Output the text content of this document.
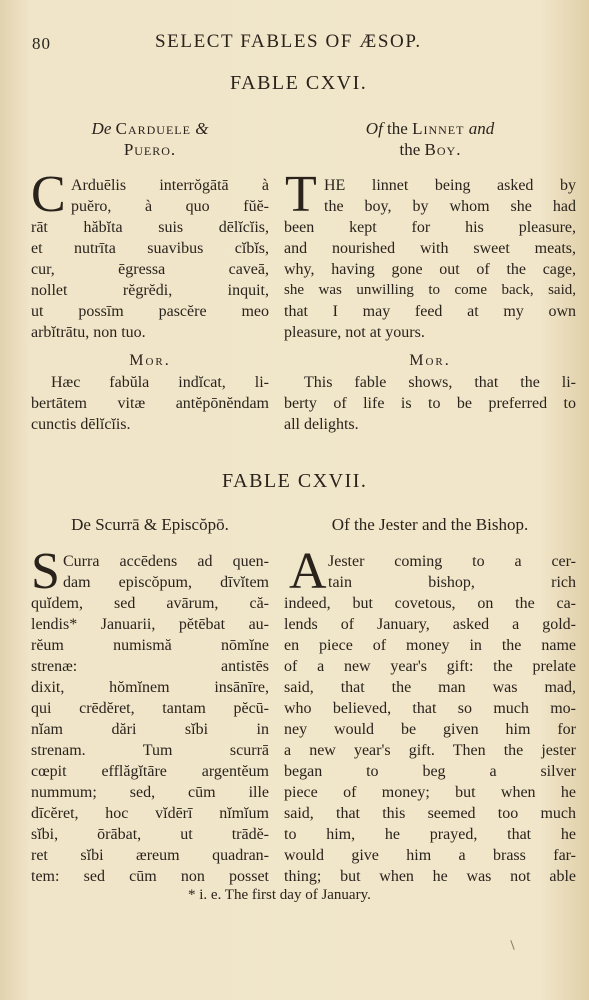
80	SELECT FABLES OF ÆSOP.
FABLE CXVI.
De Carduele &
Puero.
C Arduēlis interrŏgātā à
puĕro, à quo fŭĕ-
rāt hăbĭta suis dēlĭcĭis,
et nutrīta suavibus cĭbĭs,
cur, ēgressa caveā,
nollet rĕgrĕdi, inquit,
ut possīm pascĕre meo
arbĭtrātu, non tuo.
Mor.
Hæc fabŭla indĭcat, li-
bertātem vitæ antĕpōnĕndam
cunctis dēlĭcĭis.
Of the Linnet and
the Boy.
T HE linnet being asked by
the boy, by whom she had
been kept for his pleasure,
and nourished with sweet meats,
why, having gone out of the cage,
she was unwilling to come back, said,
that I may feed at my own
pleasure, not at yours.
Mor.
This fable shows, that the li-
berty of life is to be preferred to
all delights.
FABLE CXVII.
De Scurrā & Episcŏpō.
S Curra accēdens ad quen-
dam episcŏpum, dīvĭtem
quĭdem, sed avārum, că-
lendis* Januarii, pĕtēbat au-
rĕum numismă nōmĭne
strenæ: antistēs
dixit, hŏmĭnem insānīre,
qui crēdĕret, tantam pĕcū-
nĭam dări sĭbi in
strenam. Tum scurrā
cœpit efflăgĭtāre argentĕum
nummum; sed, cūm ille
dīcĕret, hoc vĭdērī nĭmĭum
sĭbi, ōrābat, ut trādĕ-
ret sĭbi æreum quadran-
tem: sed cūm non posset
Of the Jester and the Bishop.
A Jester coming to a cer-
tain bishop, rich
indeed, but covetous, on the ca-
lends of January, asked a gold-
en piece of money in the name
of a new year's gift: the prelate
said, that the man was mad,
who believed, that so much mo-
ney would be given him for
a new year's gift. Then the jester
began to beg a silver
piece of money; but when he
said, that this seemed too much
to him, he prayed, that he
would give him a brass far-
thing; but when he was not able
* i. e. The first day of January.
